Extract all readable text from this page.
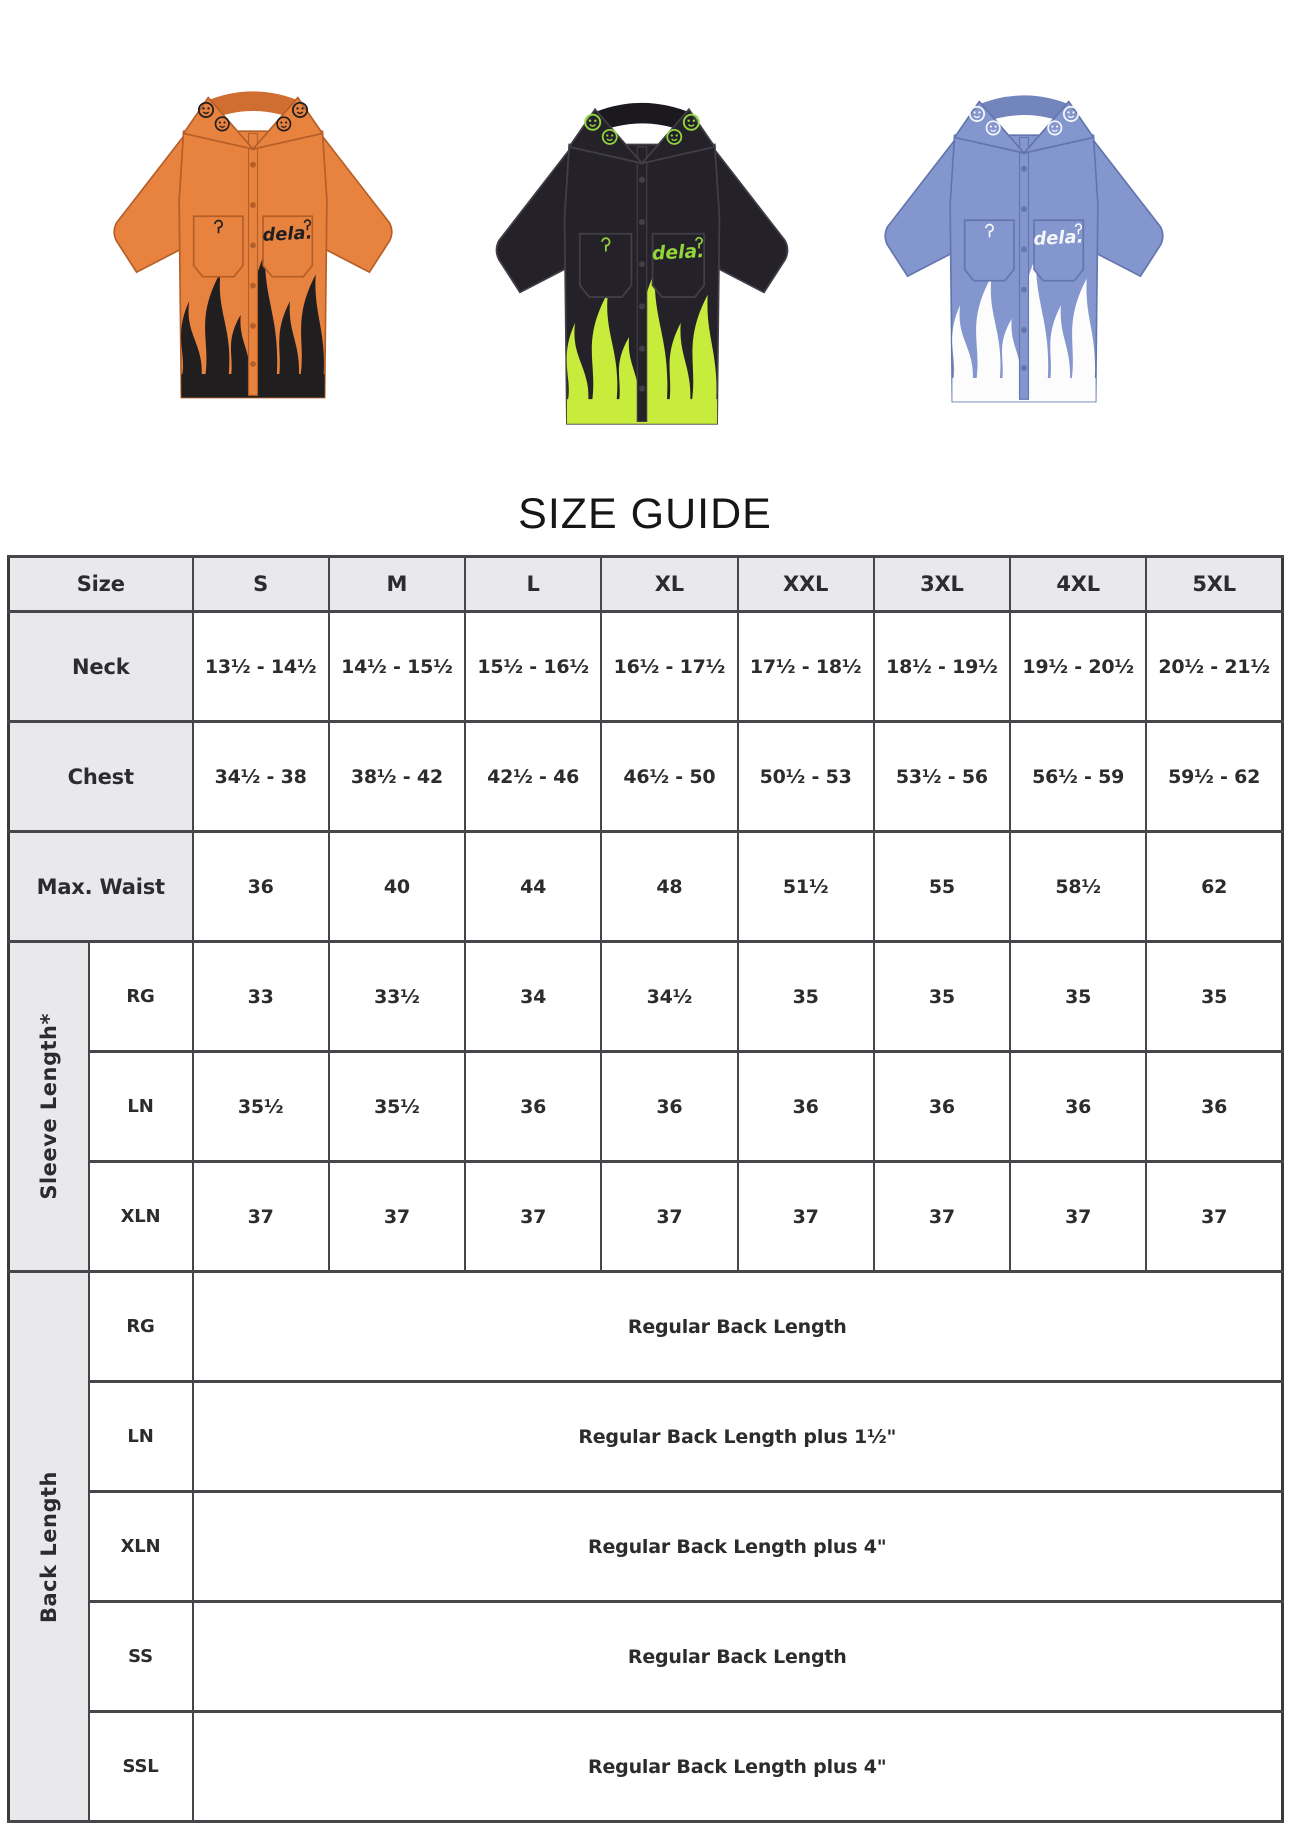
SIZE GUIDE
Size		S	M	L	XL	XXL	3XL	4XL	5XL
Neck		13½ - 14½	14½ - 15½	15½ - 16½	16½ - 17½	17½ - 18½	18½ - 19½	19½ - 20½	20½ - 21½
Chest		34½ - 38	38½ - 42	42½ - 46	46½ - 50	50½ - 53	53½ - 56	56½ - 59	59½ - 62
Max. Waist		36	40	44	48	51½	55	58½	62

Sleeve Length*	RG	33	33½	34	34½	35	35	35	35
	LN	35½	35½	36	36	36	36	36	36
	XLN	37	37	37	37	37	37	37	37

Back Length	RG	Regular Back Length							
	LN	Regular Back Length plus 1½"							
	XLN	Regular Back Length plus 4"							
	SS	Regular Back Length							
	SSL	Regular Back Length plus 4"							
